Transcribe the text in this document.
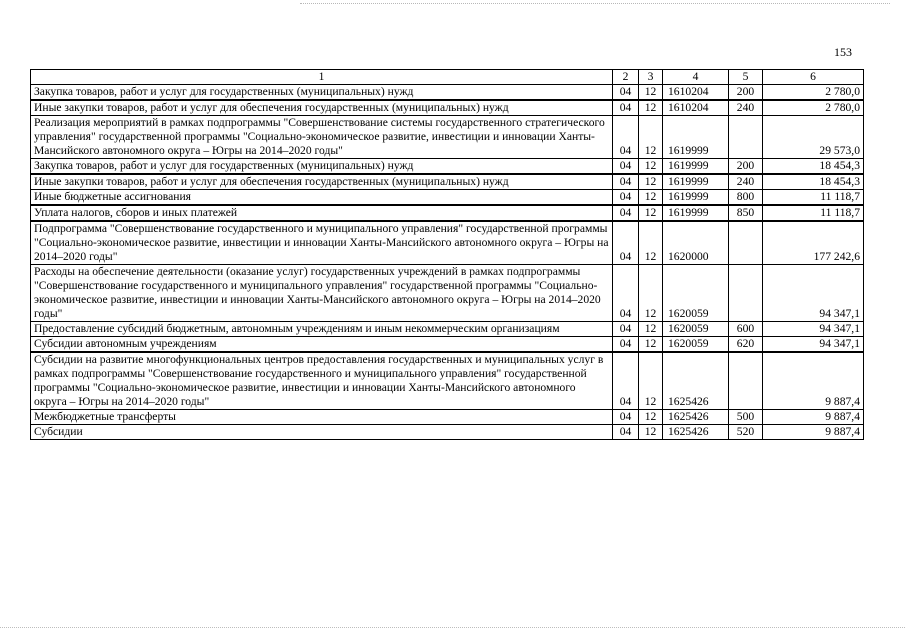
153
1	2	3	4	5	6
Закупка товаров, работ и услуг для государственных (муниципальных) нужд	04	12	1610204	200	2 780,0
Иные закупки товаров, работ и услуг для обеспечения государственных (муниципальных) нужд	04	12	1610204	240	2 780,0
Реализация мероприятий в рамках подпрограммы "Совершенствование системы государственного стратегического управления" государственной программы "Социально-экономическое развитие, инвестиции и инновации Ханты-Мансийского автономного округа – Югры на 2014–2020 годы"	04	12	1619999		29 573,0
Закупка товаров, работ и услуг для государственных (муниципальных) нужд	04	12	1619999	200	18 454,3
Иные закупки товаров, работ и услуг для обеспечения государственных (муниципальных) нужд	04	12	1619999	240	18 454,3
Иные бюджетные ассигнования	04	12	1619999	800	11 118,7
Уплата налогов, сборов и иных платежей	04	12	1619999	850	11 118,7
Подпрограмма "Совершенствование государственного и муниципального управления" государственной программы "Социально-экономическое развитие, инвестиции и инновации Ханты-Мансийского автономного округа – Югры на 2014–2020 годы"	04	12	1620000		177 242,6
Расходы на обеспечение деятельности (оказание услуг) государственных учреждений в рамках подпрограммы "Совершенствование государственного и муниципального управления" государственной программы "Социально-экономическое развитие, инвестиции и инновации Ханты-Мансийского автономного округа – Югры на 2014–2020 годы"	04	12	1620059		94 347,1
Предоставление субсидий бюджетным, автономным учреждениям и иным некоммерческим организациям	04	12	1620059	600	94 347,1
Субсидии автономным учреждениям	04	12	1620059	620	94 347,1
Субсидии на развитие многофункциональных центров предоставления государственных и муниципальных услуг в рамках подпрограммы "Совершенствование государственного и муниципального управления" государственной программы "Социально-экономическое развитие, инвестиции и инновации Ханты-Мансийского автономного округа – Югры на 2014–2020 годы"	04	12	1625426		9 887,4
Межбюджетные трансферты	04	12	1625426	500	9 887,4
Субсидии	04	12	1625426	520	9 887,4
